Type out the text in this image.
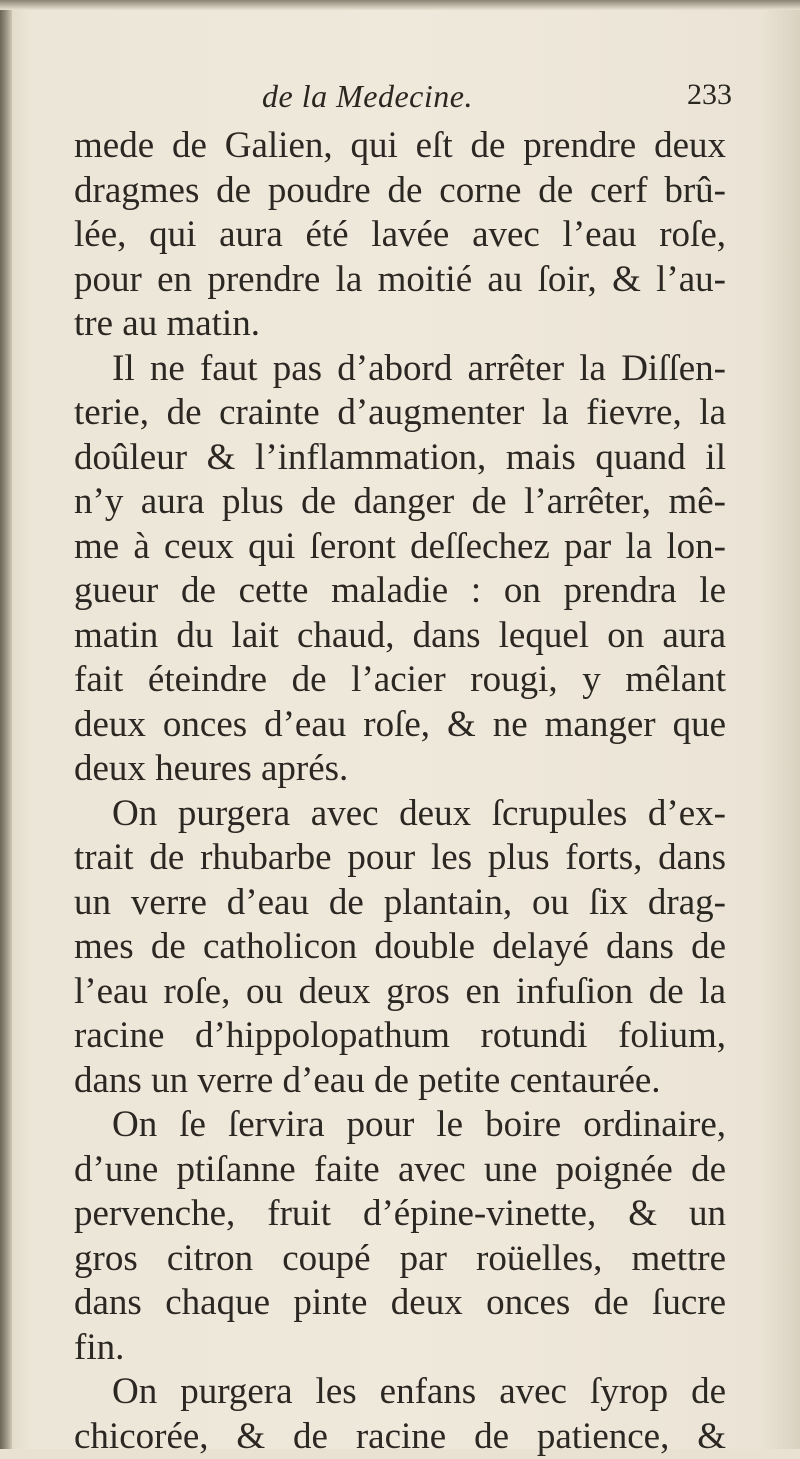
de la Medecine.	233
mede de Galien, qui eſt de prendre deux
dragmes de poudre de corne de cerf brû-
lée, qui aura été lavée avec l’eau roſe,
pour en prendre la moitié au ſoir, & l’au-
tre au matin.
Il ne faut pas d’abord arrêter la Diſſen-
terie, de crainte d’augmenter la fievre, la
doûleur & l’inflammation, mais quand il
n’y aura plus de danger de l’arrêter, mê-
me à ceux qui ſeront deſſechez par la lon-
gueur de cette maladie : on prendra le
matin du lait chaud, dans lequel on aura
fait éteindre de l’acier rougi, y mêlant
deux onces d’eau roſe, & ne manger que
deux heures aprés.
On purgera avec deux ſcrupules d’ex-
trait de rhubarbe pour les plus forts, dans
un verre d’eau de plantain, ou ſix drag-
mes de catholicon double delayé dans de
l’eau roſe, ou deux gros en infuſion de la
racine d’hippolopathum rotundi folium,
dans un verre d’eau de petite centaurée.
On ſe ſervira pour le boire ordinaire,
d’une ptiſanne faite avec une poignée de
pervenche, fruit d’épine-vinette, & un
gros citron coupé par roüelles, mettre
dans chaque pinte deux onces de ſucre
fin.
On purgera les enfans avec ſyrop de
chicorée, & de racine de patience, &
